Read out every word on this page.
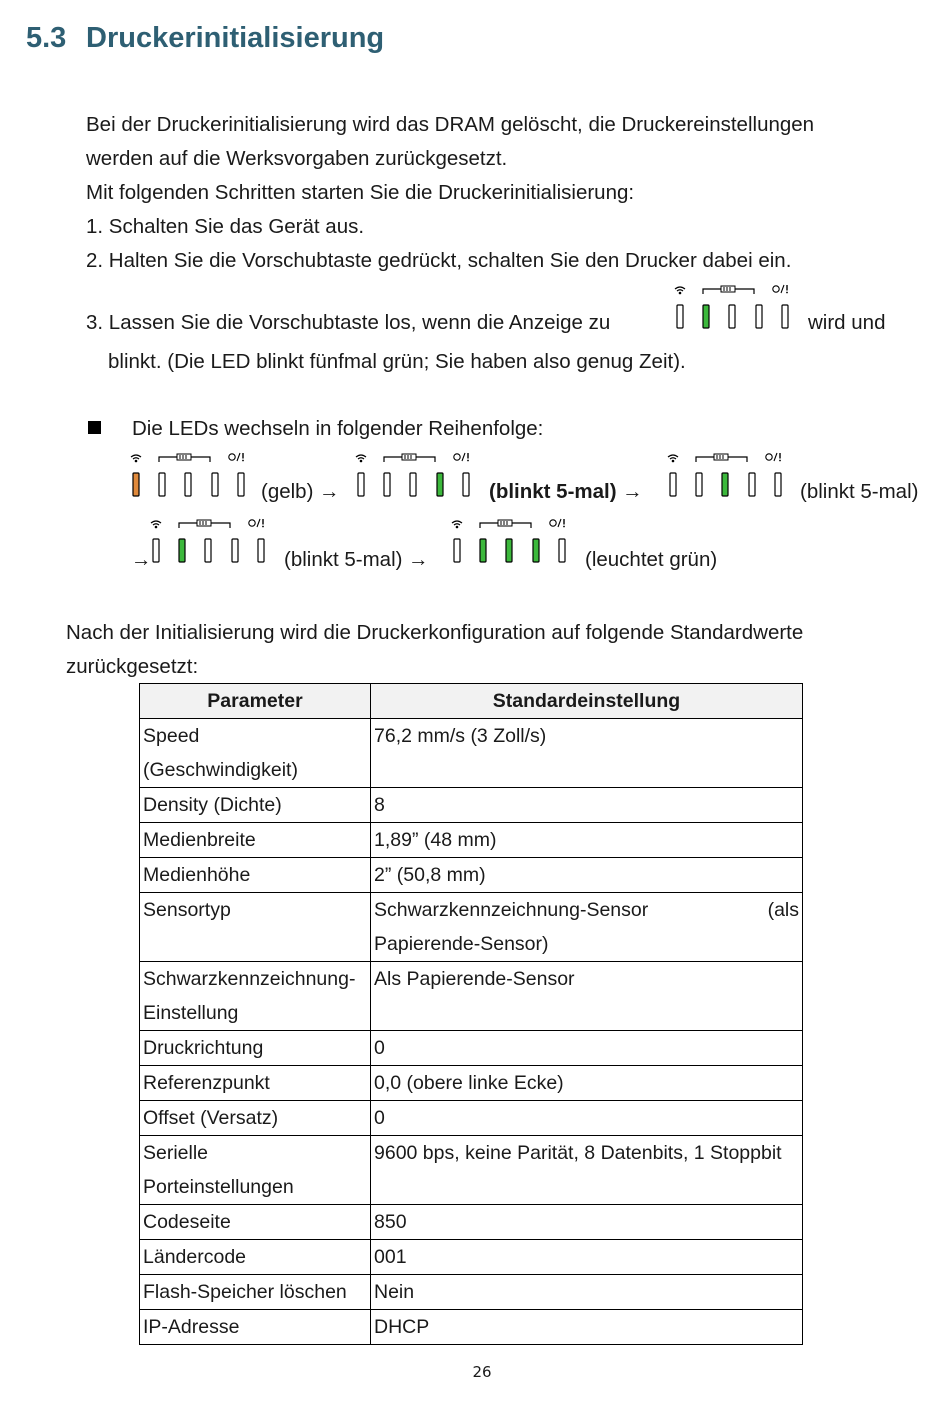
5.3 Druckerinitialisierung

Bei der Druckerinitialisierung wird das DRAM gelöscht, die Druckereinstellungen

werden auf die Werksvorgaben zurückgesetzt.

Mit folgenden Schritten starten Sie die Druckerinitialisierung:

1. Schalten Sie das Gerät aus.

2. Halten Sie die Vorschubtaste gedrückt, schalten Sie den Drucker dabei ein.

3. Lassen Sie die Vorschubtaste los, wenn die Anzeige zu	wird und

blinkt. (Die LED blinkt fünfmal grün; Sie haben also genug Zeit).

Die LEDs wechseln in folgender Reihenfolge:

(gelb) →	(blinkt 5-mal) →	(blinkt 5-mal)

→	(blinkt 5-mal) →	(leuchtet grün)

Nach der Initialisierung wird die Druckerkonfiguration auf folgende Standardwerte

zurückgesetzt:

Parameter	Standardeinstellung

Speed
(Geschwindigkeit)	76,2 mm/s (3 Zoll/s)

Density (Dichte)	8

Medienbreite	1,89” (48 mm)

Medienhöhe	2” (50,8 mm)

Sensortyp	Schwarzkennzeichnung-Sensor (als
Papierende-Sensor)

Schwarzkennzeichnung-
Einstellung	Als Papierende-Sensor

Druckrichtung	0

Referenzpunkt	0,0 (obere linke Ecke)

Offset (Versatz)	0

Serielle
Porteinstellungen	9600 bps, keine Parität, 8 Datenbits, 1 Stoppbit

Codeseite	850

Ländercode	001

Flash-Speicher löschen	Nein

IP-Adresse	DHCP
26
